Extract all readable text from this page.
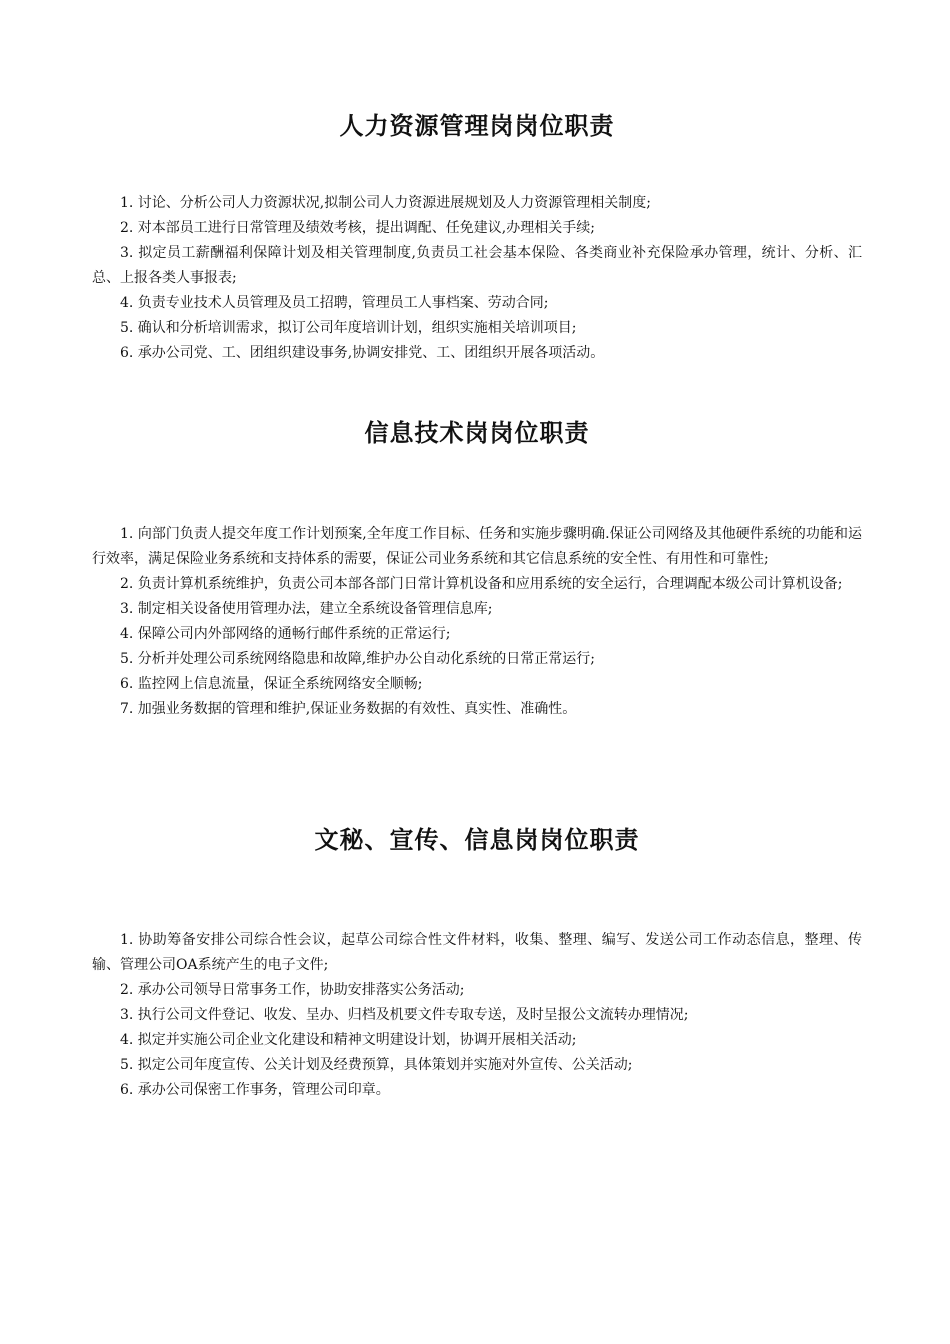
人力资源管理岗岗位职责
1. 讨论、分析公司人力资源状况,拟制公司人力资源进展规划及人力资源管理相关制度;
2. 对本部员工进行日常管理及绩效考核，提出调配、任免建议,办理相关手续;
3. 拟定员工薪酬福利保障计划及相关管理制度,负责员工社会基本保险、各类商业补充保险承办管理，统计、分析、汇总、上报各类人事报表;
4. 负责专业技术人员管理及员工招聘，管理员工人事档案、劳动合同;
5. 确认和分析培训需求，拟订公司年度培训计划，组织实施相关培训项目;
6. 承办公司党、工、团组织建设事务,协调安排党、工、团组织开展各项活动。
信息技术岗岗位职责
1. 向部门负责人提交年度工作计划预案,全年度工作目标、任务和实施步骤明确.保证公司网络及其他硬件系统的功能和运行效率，满足保险业务系统和支持体系的需要，保证公司业务系统和其它信息系统的安全性、有用性和可靠性;
2. 负责计算机系统维护，负责公司本部各部门日常计算机设备和应用系统的安全运行，合理调配本级公司计算机设备;
3. 制定相关设备使用管理办法，建立全系统设备管理信息库;
4. 保障公司内外部网络的通畅行邮件系统的正常运行;
5. 分析并处理公司系统网络隐患和故障,维护办公自动化系统的日常正常运行;
6. 监控网上信息流量，保证全系统网络安全顺畅;
7. 加强业务数据的管理和维护,保证业务数据的有效性、真实性、准确性。
文秘、宣传、信息岗岗位职责
1. 协助筹备安排公司综合性会议，起草公司综合性文件材料，收集、整理、编写、发送公司工作动态信息，整理、传输、管理公司OA系统产生的电子文件;
2. 承办公司领导日常事务工作，协助安排落实公务活动;
3. 执行公司文件登记、收发、呈办、归档及机要文件专取专送，及时呈报公文流转办理情况;
4. 拟定并实施公司企业文化建设和精神文明建设计划，协调开展相关活动;
5. 拟定公司年度宣传、公关计划及经费预算，具体策划并实施对外宣传、公关活动;
6. 承办公司保密工作事务，管理公司印章。
